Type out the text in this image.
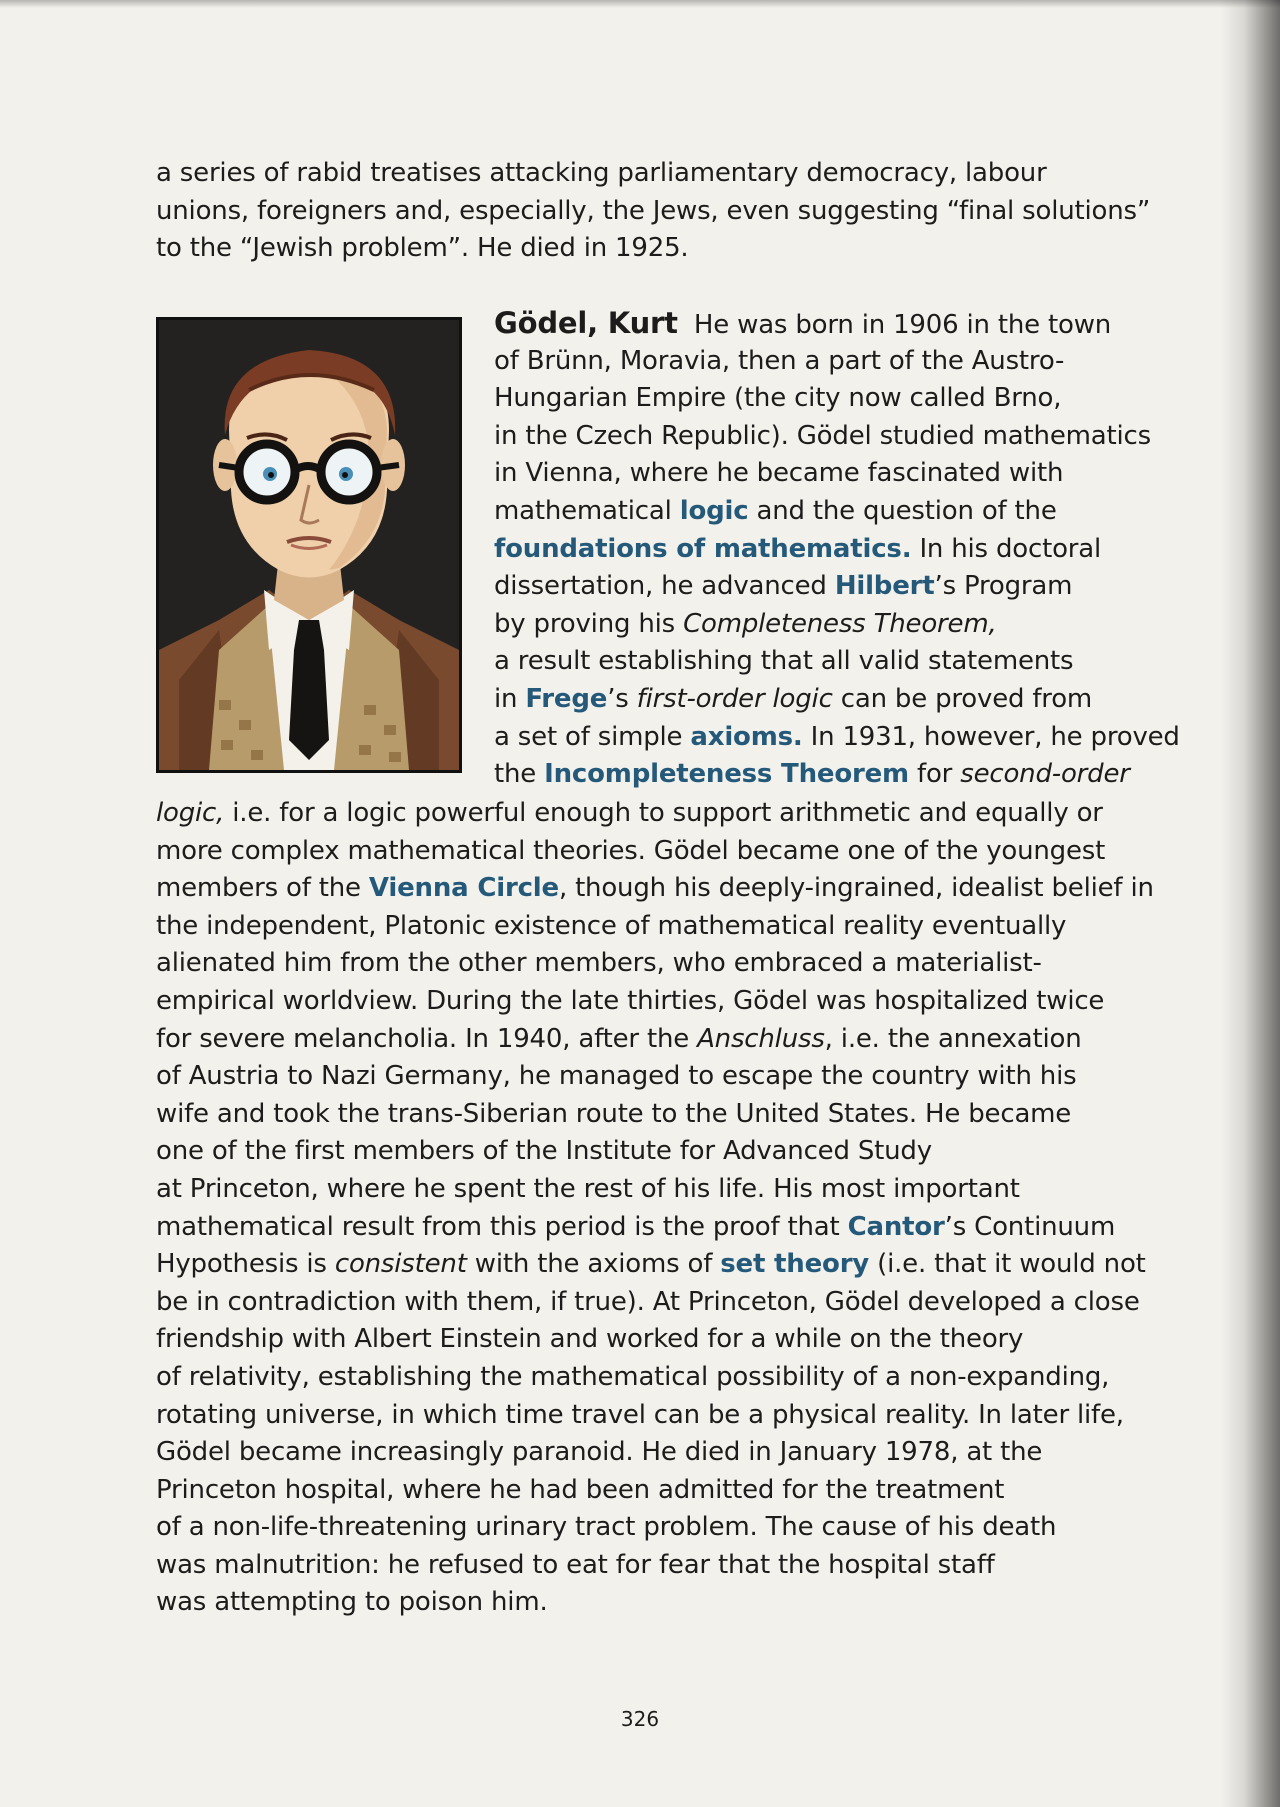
a series of rabid treatises attacking parliamentary democracy, labour
unions, foreigners and, especially, the Jews, even suggesting “final solutions”
to the “Jewish problem”. He died in 1925.
Gödel, Kurt He was born in 1906 in the town
of Brünn, Moravia, then a part of the Austro-
Hungarian Empire (the city now called Brno,
in the Czech Republic). Gödel studied mathematics
in Vienna, where he became fascinated with
mathematical logic and the question of the
foundations of mathematics. In his doctoral
dissertation, he advanced Hilbert’s Program
by proving his Completeness Theorem,
a result establishing that all valid statements
in Frege’s first-order logic can be proved from
a set of simple axioms. In 1931, however, he proved
the Incompleteness Theorem for second-order
logic, i.e. for a logic powerful enough to support arithmetic and equally or
more complex mathematical theories. Gödel became one of the youngest
members of the Vienna Circle, though his deeply-ingrained, idealist belief in
the independent, Platonic existence of mathematical reality eventually
alienated him from the other members, who embraced a materialist-
empirical worldview. During the late thirties, Gödel was hospitalized twice
for severe melancholia. In 1940, after the Anschluss, i.e. the annexation
of Austria to Nazi Germany, he managed to escape the country with his
wife and took the trans-Siberian route to the United States. He became
one of the first members of the Institute for Advanced Study
at Princeton, where he spent the rest of his life. His most important
mathematical result from this period is the proof that Cantor’s Continuum
Hypothesis is consistent with the axioms of set theory (i.e. that it would not
be in contradiction with them, if true). At Princeton, Gödel developed a close
friendship with Albert Einstein and worked for a while on the theory
of relativity, establishing the mathematical possibility of a non-expanding,
rotating universe, in which time travel can be a physical reality. In later life,
Gödel became increasingly paranoid. He died in January 1978, at the
Princeton hospital, where he had been admitted for the treatment
of a non-life-threatening urinary tract problem. The cause of his death
was malnutrition: he refused to eat for fear that the hospital staff
was attempting to poison him.
326
